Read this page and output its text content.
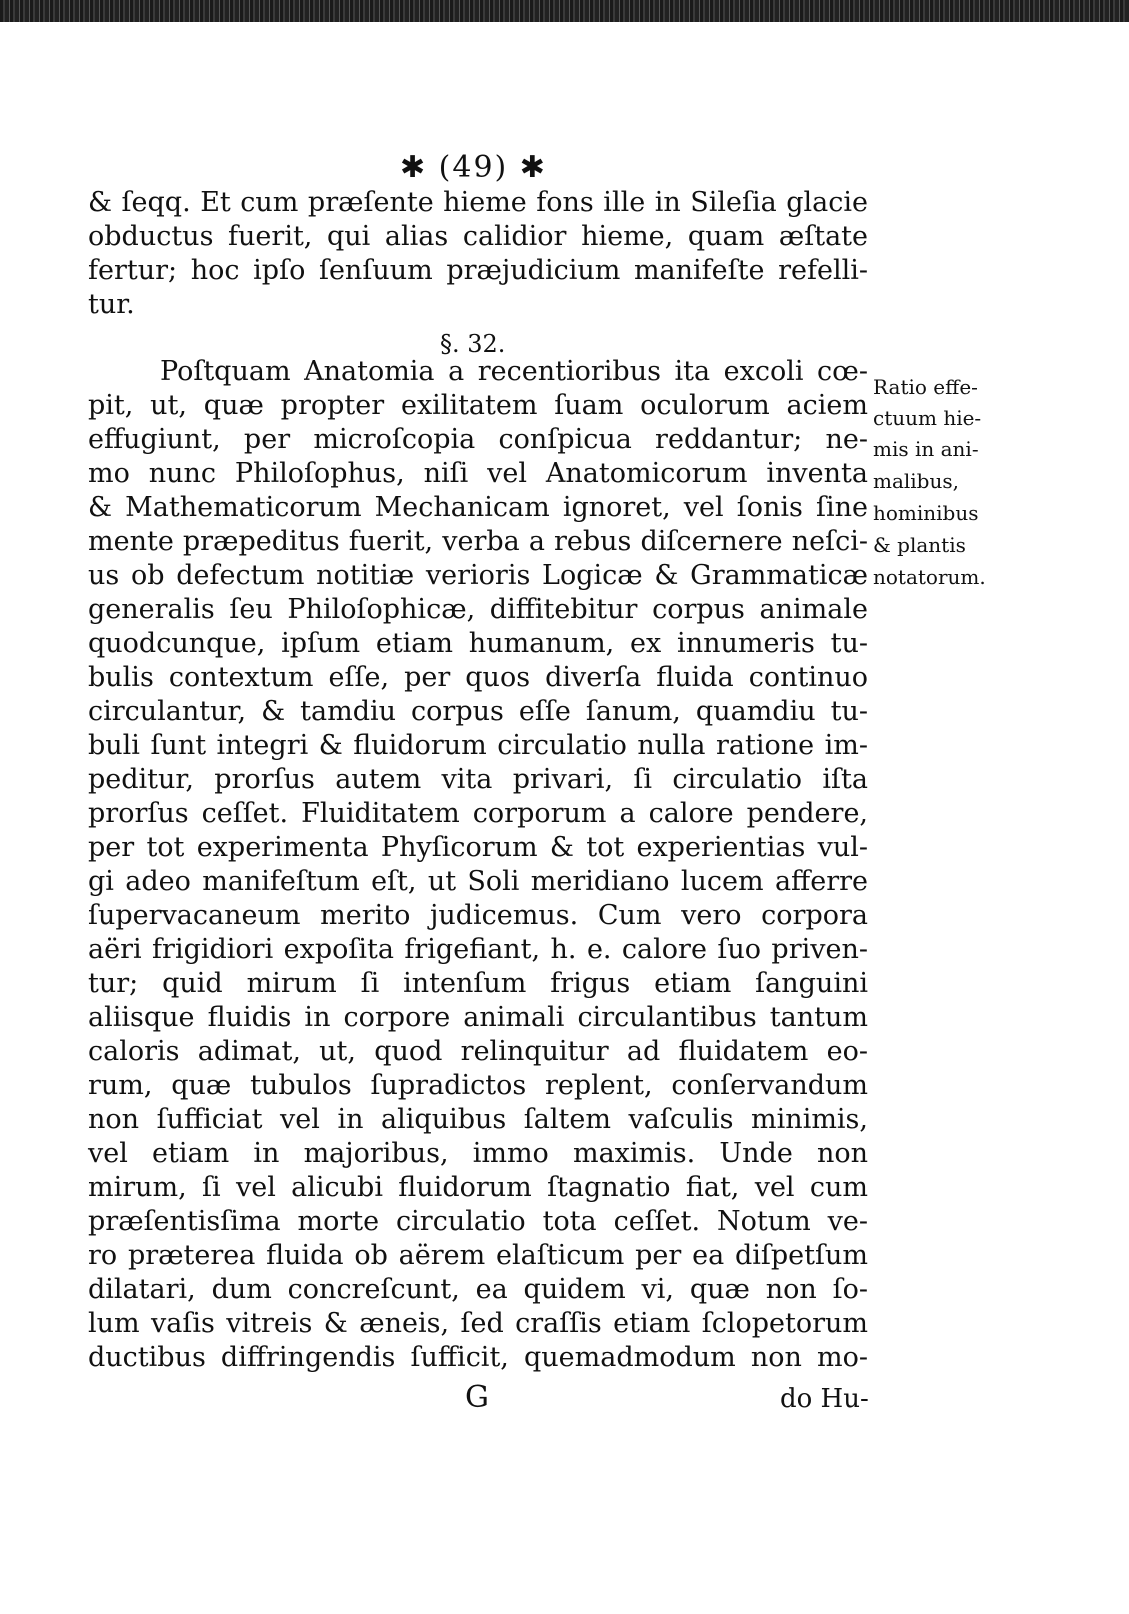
✱ (49) ✱
& ſeqq. Et cum præſente hieme fons ille in Sileſia glacie
obductus fuerit, qui alias calidior hieme, quam æſtate
fertur; hoc ipſo ſenſuum præjudicium manifeſte refelli-
tur.
§. 32.
Poſtquam Anatomia a recentioribus ita excoli cœ-
pit, ut, quæ propter exilitatem ſuam oculorum aciem
effugiunt, per microſcopia conſpicua reddantur; ne-
mo nunc Philoſophus, niſi vel Anatomicorum inventa
& Mathematicorum Mechanicam ignoret, vel ſonis ſine
mente præpeditus fuerit, verba a rebus diſcernere neſci-
us ob defectum notitiæ verioris Logicæ & Grammaticæ
generalis ſeu Philoſophicæ, diffitebitur corpus animale
quodcunque, ipſum etiam humanum, ex innumeris tu-
bulis contextum eſſe, per quos diverſa fluida continuo
circulantur, & tamdiu corpus eſſe ſanum, quamdiu tu-
buli ſunt integri & fluidorum circulatio nulla ratione im-
peditur, prorſus autem vita privari, ſi circulatio iſta
prorſus ceſſet. Fluiditatem corporum a calore pendere,
per tot experimenta Phyſicorum & tot experientias vul-
gi adeo manifeſtum eſt, ut Soli meridiano lucem afferre
ſupervacaneum merito judicemus. Cum vero corpora
aëri frigidiori expoſita frigefiant, h. e. calore ſuo priven-
tur; quid mirum ſi intenſum frigus etiam ſanguini
aliisque fluidis in corpore animali circulantibus tantum
caloris adimat, ut, quod relinquitur ad fluidatem eo-
rum, quæ tubulos ſupradictos replent, conſervandum
non ſufficiat vel in aliquibus ſaltem vaſculis minimis,
vel etiam in majoribus, immo maximis. Unde non
mirum, ſi vel alicubi fluidorum ſtagnatio fiat, vel cum
præſentisſima morte circulatio tota ceſſet. Notum ve-
ro præterea fluida ob aërem elaſticum per ea diſpetſum
dilatari, dum concreſcunt, ea quidem vi, quæ non ſo-
lum vaſis vitreis & æneis, ſed craſſis etiam ſclopetorum
ductibus diffringendis ſufficit, quemadmodum non mo-
Ratio effe-
ctuum hie-
mis in ani-
malibus,
hominibus
& plantis
notatorum.
G	do Hu-
